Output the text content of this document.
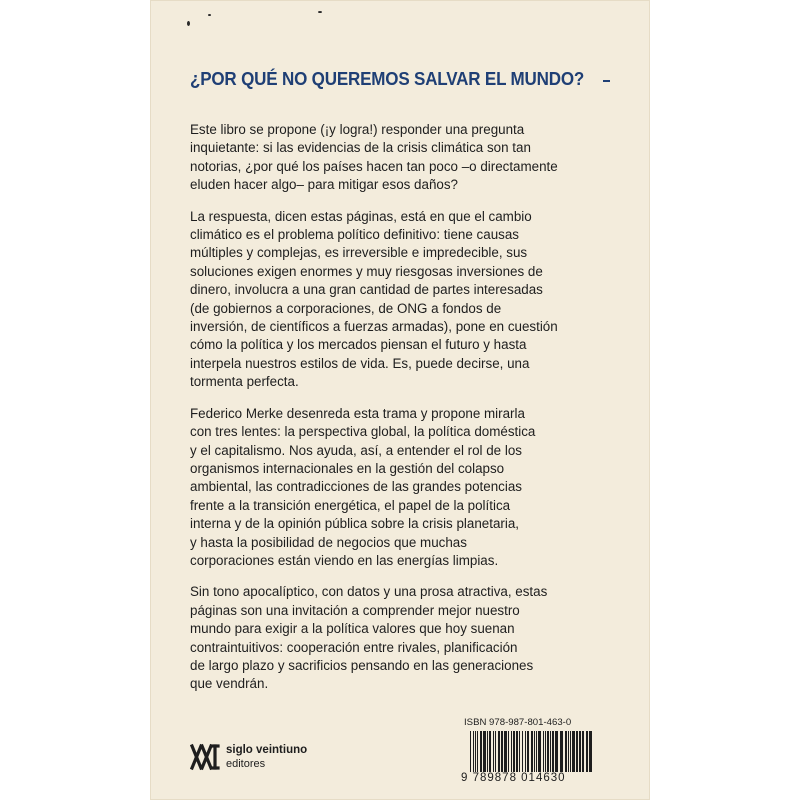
¿POR QUÉ NO QUEREMOS SALVAR EL MUNDO?

Este libro se propone (¡y logra!) responder una pregunta
inquietante: si las evidencias de la crisis climática son tan
notorias, ¿por qué los países hacen tan poco –o directamente
eluden hacer algo– para mitigar esos daños?

La respuesta, dicen estas páginas, está en que el cambio
climático es el problema político definitivo: tiene causas
múltiples y complejas, es irreversible e impredecible, sus
soluciones exigen enormes y muy riesgosas inversiones de
dinero, involucra a una gran cantidad de partes interesadas
(de gobiernos a corporaciones, de ONG a fondos de
inversión, de científicos a fuerzas armadas), pone en cuestión
cómo la política y los mercados piensan el futuro y hasta
interpela nuestros estilos de vida. Es, puede decirse, una
tormenta perfecta.

Federico Merke desenreda esta trama y propone mirarla
con tres lentes: la perspectiva global, la política doméstica
y el capitalismo. Nos ayuda, así, a entender el rol de los
organismos internacionales en la gestión del colapso
ambiental, las contradicciones de las grandes potencias
frente a la transición energética, el papel de la política
interna y de la opinión pública sobre la crisis planetaria,
y hasta la posibilidad de negocios que muchas
corporaciones están viendo en las energías limpias.

Sin tono apocalíptico, con datos y una prosa atractiva, estas
páginas son una invitación a comprender mejor nuestro
mundo para exigir a la política valores que hoy suenan
contraintuitivos: cooperación entre rivales, planificación
de largo plazo y sacrificios pensando en las generaciones
que vendrán.

siglo veintiuno
editores
ISBN 978-987-801-463-0
9 789878 014630
